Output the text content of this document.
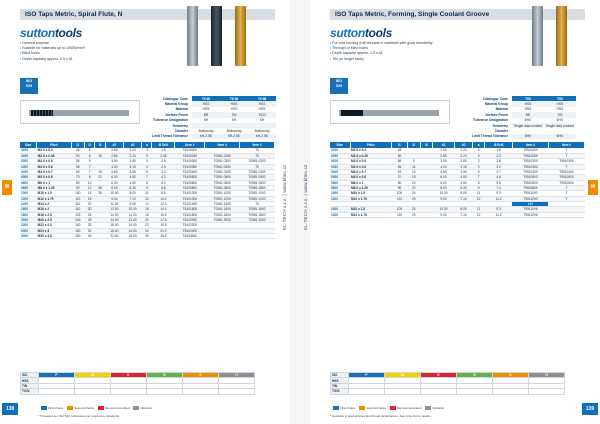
ISO Taps Metric, Spiral Flute, N
suttontools
• General purpose
• Suitable for materials up to 1000N/mm²
• Blind holes
• Depth capacity approx. 2.5 x d1
ISO
529
Catalogue Code	T6 60	T6 06	T6 98
Material Group	HSS	HSS	HSS
Material	HSS	HSS	HSS
Surface Finish	BR	TiN	TiCN
Tolerance Designation	6H	6H	6H
Geometry			
Chamfer	Bottoming	Bottoming	Bottoming
Limit Thread Tolerance	6H-2.5E	6H-2.5E	6H-2.5E
Size	Pitch	l1	l2	l3	d1	d2	a	Ø Drill	Item #	Item #	Item #
0200	M2.0 x 0.4	45	6		2.80	2.24	3	1.6	T6100200		T0
0250	M2.5 x 0.45	50	8	10	2.80	2.24	3	2.05	T6100250	T0061 0250	T0
0300	M3.0 x 0.5	56	9		3.50	2.80	3	2.5	T6100300	T0061 0300	T0981 0300
0350	M3.5 x 0.6	56	7		4.00	3.15	3	2.9	T6100350	T0061 0350	T0
0400	M4.0 x 0.7	63	7	18	4.50	3.55	5	3.3	T6100400	T0061 0400	T0981 0400
0500	M5.0 x 0.8	70	8	22	6.00	4.50	7	4.2	T6100500	T0061 0500	T0981 0500
0600	M6.0 x 1	80	10		6.00	4.50	8	5.0	T6100600	T0061 0600	T0981 0600
0800	M8.0 x 1.25	90	12	26	8.00	6.30	9	6.8	T6100800	T0061 0800	T0981 0800
1000	M10 x 1.5	100	15	35	10.00	8.00	11	8.5	T6101000	T0061 1000	T0981 1000
1200	M12 x 1.75	110	18		9.00	7.10	12	10.2	T6101200	T0061 1200	T0981 1200
1400	M14 x 2	110	20		11.20	9.00	14	12.0	T6101400	T0061 1400	T0
1600	M16 x 2	110	20		12.50	10.00	16	14.0	T6101600	T0061 1600	T0981 1600
1800	M18 x 2.5	125	25		14.00	11.20	18	15.5	T6101800	T0061 1800	T0981 1800
2000	M20 x 2.5	140	25		14.00	11.20	20	17.5	T6102000	T0061 2000	T0981 2000
2200	M22 x 2.5	140	25		18.00	14.00	22	19.5	T6102200		
2400	M24 x 3	160	30		18.00	14.00	24	21.0	T6102400		
3000	M30 x 3.5	180	40		22.00	18.00	30	26.5	T6103000		
ISO	P	M	K	N	S	H
HSS						
TiN						
TiCN						
First choice	Second choice	Not recommended	Optional
* Threaded per ISO 529, tolerances per respective standards.
138
M	KL-TECH s.r.o. | www.kltec.cz
ISO Taps Metric, Forming, Single Coolant Groove
suttontools
• For cold forming (roll) threads in materials with good formability
• Through or blind holes
• Depth capacity approx. 1.5 x d1
• TiN (or longer tools)
ISO
529
Catalogue Code	T95	T99
Material Group	HSS	HSS
Material	HSS	HSS
Surface Finish	BR	TiN
Tolerance Designation	6HX	6HX
Geometry	Single lead coolant	Single lead coolant
Chamfer		
Limit Thread Tolerance	6HX	6HX
Size	Pitch	l1	l2	l3	d1	d2	a	Ø Drill	Item #	Item #
0200	M2.0 x 0.4	45			2.80	2.24	3	1.8	T9510200	T
0250	M2.5 x 0.45	50			2.80	2.24	3	2.3	T9510250	T
0300	M3.0 x 0.5	56	9		3.50	2.80	3	2.8	T9510300	T9910300
0350	M3.5 x 0.6	56	11		4.00	3.15	3	3.2	T9510350	T
0400	M4.0 x 0.7	63	13		4.50	3.55	5	3.7	T9510400	T9910400
0500	M5.0 x 0.8	70	15		6.00	4.50	7	4.6	T9510500	T9910500
0600	M6.0 x 1	80	20		6.00	4.50	8	5.5	T9510600	T9910600
0800	M8.0 x 1.25	90	22		8.00	6.30	9	7.4	T9510800	T
1000	M10 x 1.5	100	24		10.00	8.00	11	9.3	T9511000	T
1200	M12 x 1.75	110	29		9.00	7.10	12	11.2	T9511200	T
									LH	
1000	M10 x 1.5	100	24		10.00	8.00	11	9.3	T9511006	
1200	M12 x 1.75	110	29		9.00	7.10	12	11.2	T9511206	
ISO	P	M	K	N	S	H
HSS						
TiN						
TiCN						
First choice	Second choice	Not recommended	Optional
* Available in special sizes and thread designations. See price list for details.
139
M
KL-TECH s.r.o. | www.kltec.cz
